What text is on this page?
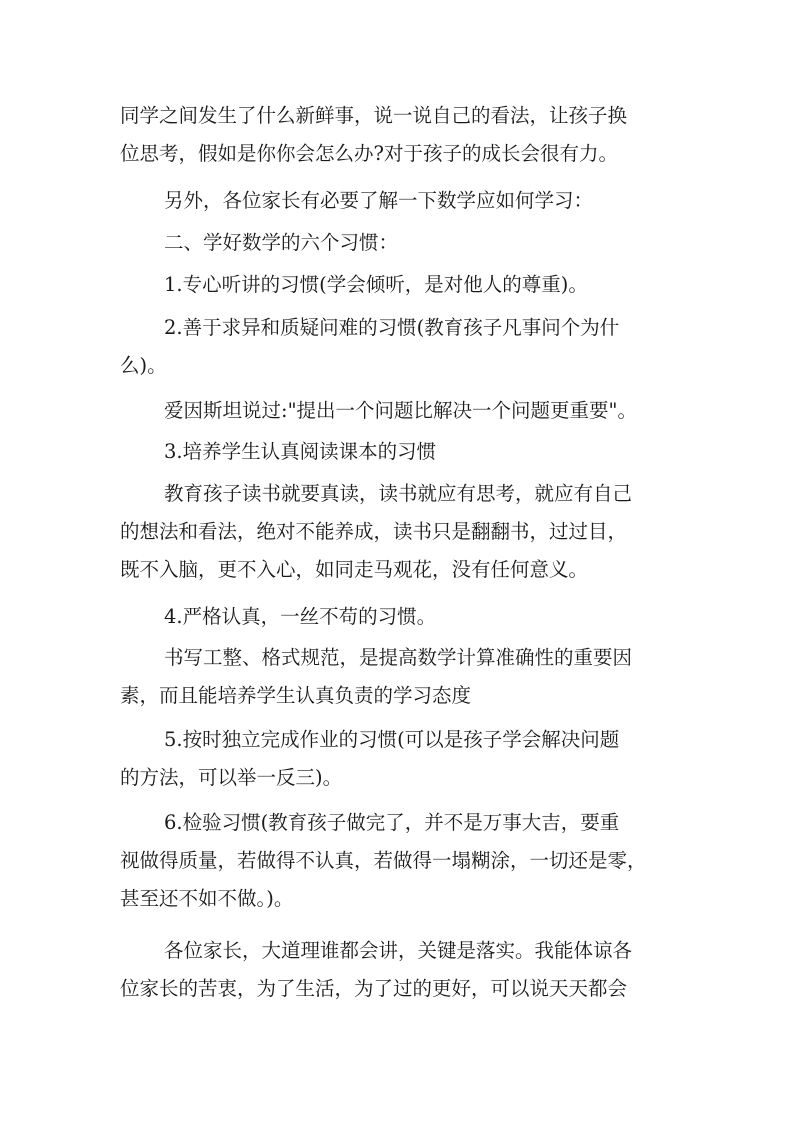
同学之间发生了什么新鲜事，说一说自己的看法，让孩子换
位思考，假如是你你会怎么办?对于孩子的成长会很有力。
另外，各位家长有必要了解一下数学应如何学习：
二、学好数学的六个习惯：
1.专心听讲的习惯(学会倾听，是对他人的尊重)。
2.善于求异和质疑问难的习惯(教育孩子凡事问个为什
么)。
爱因斯坦说过:"提出一个问题比解决一个问题更重要"。
3.培养学生认真阅读课本的习惯
教育孩子读书就要真读，读书就应有思考，就应有自己
的想法和看法，绝对不能养成，读书只是翻翻书，过过目，
既不入脑，更不入心，如同走马观花，没有任何意义。
4.严格认真，一丝不苟的习惯。
书写工整、格式规范，是提高数学计算准确性的重要因
素，而且能培养学生认真负责的学习态度
5.按时独立完成作业的习惯(可以是孩子学会解决问题
的方法，可以举一反三)。
6.检验习惯(教育孩子做完了，并不是万事大吉，要重
视做得质量，若做得不认真，若做得一塌糊涂，一切还是零，
甚至还不如不做。)。
各位家长，大道理谁都会讲，关键是落实。我能体谅各
位家长的苦衷，为了生活，为了过的更好，可以说天天都会
